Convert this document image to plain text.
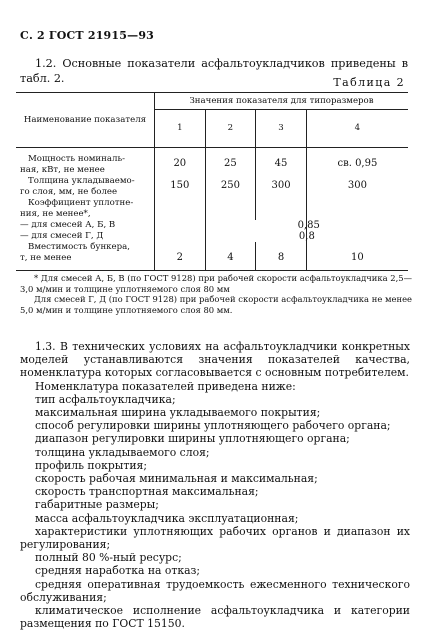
С. 2 ГОСТ 21915—93
1.2. Основные показатели асфальтоукладчиков приведены в табл. 2.	Таблица 2
Наименование показателя	Значения показателя для типоразмеров			
	1	2	3	4

Мощность номиналь-
ная, кВт, не менее	20	25	45	св. 0,95

Толщина укладываемо-
го слоя, мм, не более	150	250	300	300

Коэффициент уплотне-
ния, не менее*,				

— для смесей А, Б, В		0,85		

— для смесей Г, Д		0,8		

Вместимость бункера,
т, не менее	2	4	8	10

* Для смесей А, Б, В (по ГОСТ 9128) при рабочей скорости асфальтоукладчика 2,5—3,0 м/мин и толщине уплотняемого слоя 80 мм

Для смесей Г, Д (по ГОСТ 9128) при рабочей скорости асфальтоукладчика не менее 5,0 м/мин и толщине уплотняемого слоя 80 мм.

1.3. В технических условиях на асфальтоукладчики конкретных моделей устанавливаются значения показателей качества, номенклатура которых согласовывается с основным потребителем.

Номенклатура показателей приведена ниже:

тип асфальтоукладчика;

максимальная ширина укладываемого покрытия;

способ регулировки ширины уплотняющего рабочего органа;

диапазон регулировки ширины уплотняющего органа;

толщина укладываемого слоя;

профиль покрытия;

скорость рабочая минимальная и максимальная;

скорость транспортная максимальная;

габаритные размеры;

масса асфальтоукладчика эксплуатационная;

характеристики уплотняющих рабочих органов и диапазон их регулирования;

полный 80 %-ный ресурс;

средняя наработка на отказ;

средняя оперативная трудоемкость ежесменного технического обслуживания;

климатическое исполнение асфальтоукладчика и категории размещения по ГОСТ 15150.
